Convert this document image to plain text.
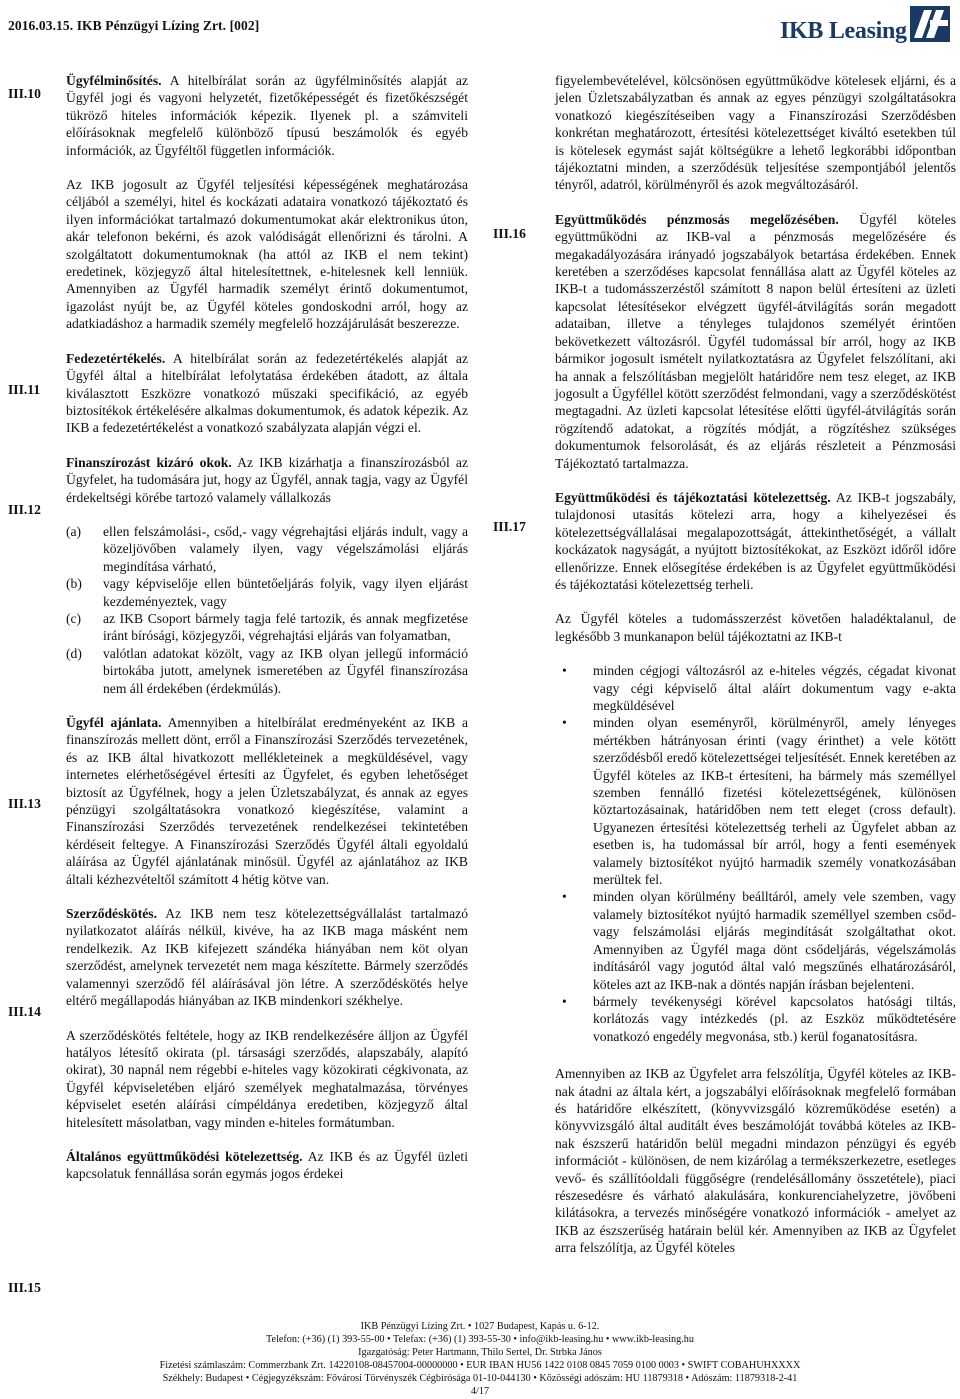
2016.03.15. IKB Pénzügyi Lízing Zrt. [002]	IKB Leasing
III.10
III.11
III.12
III.13
III.14
III.15
III.16
III.17

Ügyfélminősítés. A hitelbírálat során az ügyfélminősítés alapját az Ügyfél jogi és vagyoni helyzetét, fizetőképességét és fizetőkészségét tükröző hiteles információk képezik. Ilyenek pl. a számviteli előírásoknak megfelelő különböző típusú beszámolók és egyéb információk, az Ügyféltől független információk.

Az IKB jogosult az Ügyfél teljesítési képességének meghatározása céljából a személyi, hitel és kockázati adataira vonatkozó tájékoztató és ilyen információkat tartalmazó dokumentumokat akár elektronikus úton, akár telefonon bekérni, és azok valódiságát ellenőrizni és tárolni. A szolgáltatott dokumentumoknak (ha attól az IKB el nem tekint) eredetinek, közjegyző által hitelesítettnek, e-hitelesnek kell lenniük. Amennyiben az Ügyfél harmadik személyt érintő dokumentumot, igazolást nyújt be, az Ügyfél köteles gondoskodni arról, hogy az adatkiadáshoz a harmadik személy megfelelő hozzájárulását beszerezze.

Fedezetértékelés. A hitelbírálat során az fedezetértékelés alapját az Ügyfél által a hitelbírálat lefolytatása érdekében átadott, az általa kiválasztott Eszközre vonatkozó műszaki specifikáció, az egyéb biztosítékok értékelésére alkalmas dokumentumok, és adatok képezik. Az IKB a fedezetértékelést a vonatkozó szabályzata alapján végzi el.

Finanszírozást kizáró okok. Az IKB kizárhatja a finanszírozásból az Ügyfelet, ha tudomására jut, hogy az Ügyfél, annak tagja, vagy az Ügyfél érdekeltségi körébe tartozó valamely vállalkozás

(a) ellen felszámolási-, csőd,- vagy végrehajtási eljárás indult, vagy a közeljövőben valamely ilyen, vagy végelszámolási eljárás megindítása várható,
(b) vagy képviselője ellen büntetőeljárás folyik, vagy ilyen eljárást kezdeményeztek, vagy
(c) az IKB Csoport bármely tagja felé tartozik, és annak megfizetése iránt bírósági, közjegyzői, végrehajtási eljárás van folyamatban,
(d) valótlan adatokat közölt, vagy az IKB olyan jellegű információ birtokába jutott, amelynek ismeretében az Ügyfél finanszírozása nem áll érdekében (érdekmúlás).

Ügyfél ajánlata. Amennyiben a hitelbírálat eredményeként az IKB a finanszírozás mellett dönt, erről a Finanszírozási Szerződés tervezetének, és az IKB által hivatkozott mellékleteinek a megküldésével, vagy internetes elérhetőségével értesíti az Ügyfelet, és egyben lehetőséget biztosít az Ügyfélnek, hogy a jelen Üzletszabályzat, és annak az egyes pénzügyi szolgáltatásokra vonatkozó kiegészítése, valamint a Finanszírozási Szerződés tervezetének rendelkezései tekintetében kérdéseit feltegye. A Finanszírozási Szerződés Ügyfél általi egyoldalú aláírása az Ügyfél ajánlatának minősül. Ügyfél az ajánlatához az IKB általi kézhezvételtől számított 4 hétig kötve van.

Szerződéskötés. Az IKB nem tesz kötelezettségvállalást tartalmazó nyilatkozatot aláírás nélkül, kivéve, ha az IKB maga másként nem rendelkezik. Az IKB kifejezett szándéka hiányában nem köt olyan szerződést, amelynek tervezetét nem maga készítette. Bármely szerződés valamennyi szerződő fél aláírásával jön létre. A szerződéskötés helye eltérő megállapodás hiányában az IKB mindenkori székhelye.

A szerződéskötés feltétele, hogy az IKB rendelkezésére álljon az Ügyfél hatályos létesítő okirata (pl. társasági szerződés, alapszabály, alapító okirat), 30 napnál nem régebbi e-hiteles vagy közokirati cégkivonata, az Ügyfél képviseletében eljáró személyek meghatalmazása, törvényes képviselet esetén aláírási címpéldánya eredetiben, közjegyző által hitelesített másolatban, vagy minden e-hiteles formátumban.

Általános együttműködési kötelezettség. Az IKB és az Ügyfél üzleti kapcsolatuk fennállása során egymás jogos érdekei

figyelembevételével, kölcsönösen együttműködve kötelesek eljárni, és a jelen Üzletszabályzatban és annak az egyes pénzügyi szolgáltatásokra vonatkozó kiegészítéseiben vagy a Finanszírozási Szerződésben konkrétan meghatározott, értesítési kötelezettséget kiváltó esetekben túl is kötelesek egymást saját költségükre a lehető legkorábbi időpontban tájékoztatni minden, a szerződésük teljesítése szempontjából jelentős tényről, adatról, körülményről és azok megváltozásáról.

Együttműködés pénzmosás megelőzésében. Ügyfél köteles együttműködni az IKB-val a pénzmosás megelőzésére és megakadályozására irányadó jogszabályok betartása érdekében. Ennek keretében a szerződéses kapcsolat fennállása alatt az Ügyfél köteles az IKB-t a tudomásszerzéstől számított 8 napon belül értesíteni az üzleti kapcsolat létesítésekor elvégzett ügyfél-átvilágítás során megadott adataiban, illetve a tényleges tulajdonos személyét érintően bekövetkezett változásról. Ügyfél tudomással bír arról, hogy az IKB bármikor jogosult ismételt nyilatkoztatásra az Ügyfelet felszólítani, aki ha annak a felszólításban megjelölt határidőre nem tesz eleget, az IKB jogosult a Ügyféllel kötött szerződést felmondani, vagy a szerződéskötést megtagadni. Az üzleti kapcsolat létesítése előtti ügyfél-átvilágítás során rögzítendő adatokat, a rögzítés módját, a rögzítéshez szükséges dokumentumok felsorolását, és az eljárás részleteit a Pénzmosási Tájékoztató tartalmazza.

Együttműködési és tájékoztatási kötelezettség. Az IKB-t jogszabály, tulajdonosi utasítás kötelezi arra, hogy a kihelyezései és kötelezettségvállalásai megalapozottságát, áttekinthetőségét, a vállalt kockázatok nagyságát, a nyújtott biztosítékokat, az Eszközt időről időre ellenőrizze. Ennek elősegítése érdekében is az Ügyfelet együttműködési és tájékoztatási kötelezettség terheli.

Az Ügyfél köteles a tudomásszerzést követően haladéktalanul, de legkésőbb 3 munkanapon belül tájékoztatni az IKB-t

• minden cégjogi változásról az e-hiteles végzés, cégadat kivonat vagy cégi képviselő által aláírt dokumentum vagy e-akta megküldésével
• minden olyan eseményről, körülményről, amely lényeges mértékben hátrányosan érinti (vagy érinthet) a vele kötött szerződésből eredő kötelezettségei teljesítését. Ennek keretében az Ügyfél köteles az IKB-t értesíteni, ha bármely más személlyel szemben fennálló fizetési kötelezettségének, különösen köztartozásainak, határidőben nem tett eleget (cross default). Ugyanezen értesítési kötelezettség terheli az Ügyfelet abban az esetben is, ha tudomással bír arról, hogy a fenti események valamely biztosítékot nyújtó harmadik személy vonatkozásában merültek fel.
• minden olyan körülmény beálltáról, amely vele szemben, vagy valamely biztosítékot nyújtó harmadik személlyel szemben csőd- vagy felszámolási eljárás megindítását szolgáltathat okot. Amennyiben az Ügyfél maga dönt csődeljárás, végelszámolás indításáról vagy jogutód által való megszűnés elhatározásáról, köteles azt az IKB-nak a döntés napján írásban bejelenteni.
• bármely tevékenységi körével kapcsolatos hatósági tiltás, korlátozás vagy intézkedés (pl. az Eszköz működtetésére vonatkozó engedély megvonása, stb.) kerül foganatosításra.

Amennyiben az IKB az Ügyfelet arra felszólítja, Ügyfél köteles az IKB-nak átadni az általa kért, a jogszabályi előírásoknak megfelelő formában és határidőre elkészített, (könyvvizsgáló közreműködése esetén) a könyvvizsgáló által auditált éves beszámolóját továbbá köteles az IKB-nak észszerű határidőn belül megadni mindazon pénzügyi és egyéb információt - különösen, de nem kizárólag a termékszerkezetre, esetleges vevő- és szállítóoldali függőségre (rendelésállomány összetétele), piaci részesedésre és várható alakulására, konkurenciahelyzetre, jövőbeni kilátásokra, a tervezés minőségére vonatkozó információk - amelyet az IKB az észszerűség határain belül kér. Amennyiben az IKB az Ügyfelet arra felszólítja, az Ügyfél köteles

IKB Pénzügyi Lízing Zrt. • 1027 Budapest, Kapás u. 6-12.
Telefon: (+36) (1) 393-55-00 • Telefax: (+36) (1) 393-55-30 • info@ikb-leasing.hu • www.ikb-leasing.hu
Igazgatóság: Peter Hartmann, Thilo Sertel, Dr. Strbka János
Fizetési számlaszám: Commerzbank Zrt. 14220108-08457004-00000000 • EUR IBAN HU56 1422 0108 0845 7059 0100 0003 • SWIFT COBAHUHXXXX
Székhely: Budapest • Cégjegyzékszám: Fővárosi Törvényszék Cégbírósága 01-10-044130 • Közösségi adószám: HU 11879318 • Adószám: 11879318-2-41
4/17
